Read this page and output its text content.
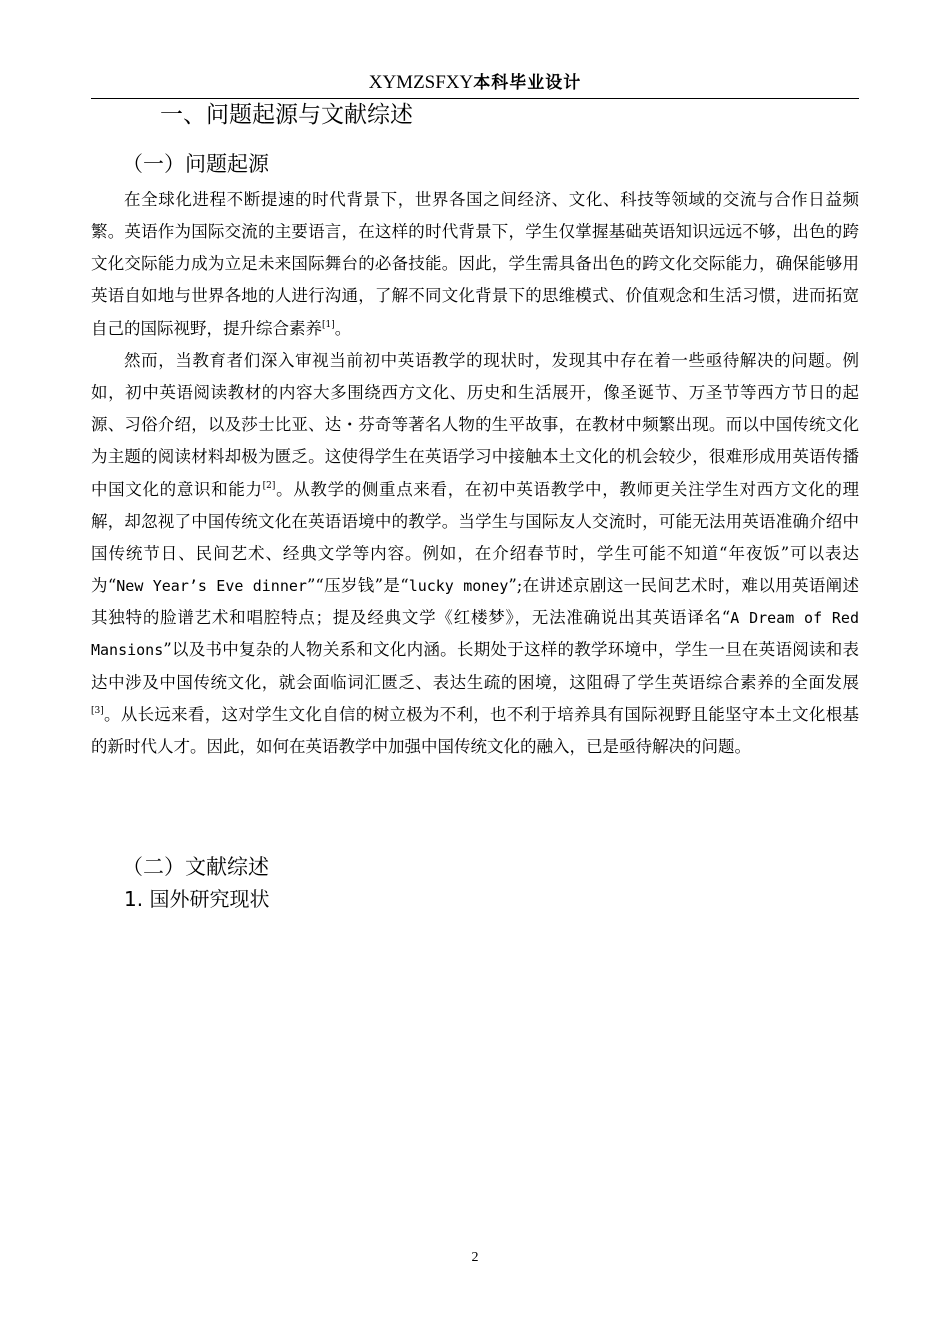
XYMZSFXY本科毕业设计
一、问题起源与文献综述
（一）问题起源

在全球化进程不断提速的时代背景下，世界各国之间经济、文化、科技等领域的交流与合作日益频繁。英语作为国际交流的主要语言，在这样的时代背景下，学生仅掌握基础英语知识远远不够，出色的跨文化交际能力成为立足未来国际舞台的必备技能。因此，学生需具备出色的跨文化交际能力，确保能够用英语自如地与世界各地的人进行沟通，了解不同文化背景下的思维模式、价值观念和生活习惯，进而拓宽自己的国际视野，提升综合素养[1]。

然而，当教育者们深入审视当前初中英语教学的现状时，发现其中存在着一些亟待解决的问题。例如，初中英语阅读教材的内容大多围绕西方文化、历史和生活展开，像圣诞节、万圣节等西方节日的起源、习俗介绍，以及莎士比亚、达・芬奇等著名人物的生平故事，在教材中频繁出现。而以中国传统文化为主题的阅读材料却极为匮乏。这使得学生在英语学习中接触本土文化的机会较少，很难形成用英语传播中国文化的意识和能力[2]。从教学的侧重点来看，在初中英语教学中，教师更关注学生对西方文化的理解，却忽视了中国传统文化在英语语境中的教学。当学生与国际友人交流时，可能无法用英语准确介绍中国传统节日、民间艺术、经典文学等内容。例如，在介绍春节时，学生可能不知道“年夜饭”可以表达为“New Year’s Eve dinner”“压岁钱”是“lucky money”;在讲述京剧这一民间艺术时，难以用英语阐述其独特的脸谱艺术和唱腔特点；提及经典文学《红楼梦》，无法准确说出其英语译名“A Dream of Red Mansions”以及书中复杂的人物关系和文化内涵。长期处于这样的教学环境中，学生一旦在英语阅读和表达中涉及中国传统文化，就会面临词汇匮乏、表达生疏的困境，这阻碍了学生英语综合素养的全面发展[3]。从长远来看，这对学生文化自信的树立极为不利，也不利于培养具有国际视野且能坚守本土文化根基的新时代人才。因此，如何在英语教学中加强中国传统文化的融入，已是亟待解决的问题。

（二）文献综述
1. 国外研究现状
2
